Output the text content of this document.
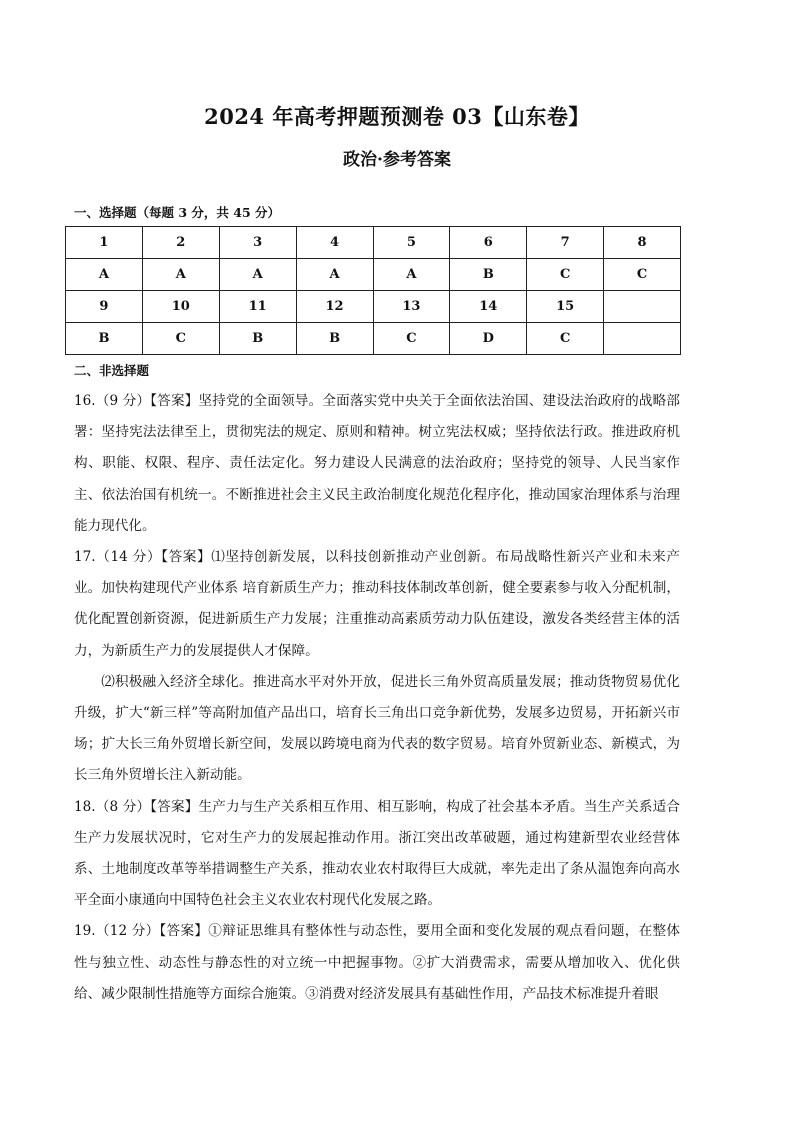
2024 年高考押题预测卷 03【山东卷】
政治·参考答案
一、选择题（每题 3 分，共 45 分）
1	2	3	4	5	6	7	8
A	A	A	A	A	B	C	C
9	10	11	12	13	14	15	
B	C	B	B	C	D	C	
二、非选择题

16.（9 分）【答案】坚持党的全面领导。全面落实党中央关于全面依法治国、建设法治政府的战略部署：坚持宪法法律至上，贯彻宪法的规定、原则和精神。树立宪法权威；坚持依法行政。推进政府机构、职能、权限、程序、责任法定化。努力建设人民满意的法治政府；坚持党的领导、人民当家作主、依法治国有机统一。不断推进社会主义民主政治制度化规范化程序化，推动国家治理体系与治理能力现代化。

17.（14 分）【答案】⑴坚持创新发展，以科技创新推动产业创新。布局战略性新兴产业和未来产业。加快构建现代产业体系 培育新质生产力；推动科技体制改革创新，健全要素参与收入分配机制，优化配置创新资源，促进新质生产力发展；注重推动高素质劳动力队伍建设，激发各类经营主体的活力，为新质生产力的发展提供人才保障。

⑵积极融入经济全球化。推进高水平对外开放，促进长三角外贸高质量发展；推动货物贸易优化升级，扩大“新三样”等高附加值产品出口，培育长三角出口竞争新优势，发展多边贸易，开拓新兴市场；扩大长三角外贸增长新空间，发展以跨境电商为代表的数字贸易。培育外贸新业态、新模式，为长三角外贸增长注入新动能。

18.（8 分）【答案】生产力与生产关系相互作用、相互影响，构成了社会基本矛盾。当生产关系适合生产力发展状况时，它对生产力的发展起推动作用。浙江突出改革破题，通过构建新型农业经营体系、土地制度改革等举措调整生产关系，推动农业农村取得巨大成就，率先走出了条从温饱奔向高水平全面小康通向中国特色社会主义农业农村现代化发展之路。

19.（12 分）【答案】①辩证思维具有整体性与动态性，要用全面和变化发展的观点看问题，在整体性与独立性、动态性与静态性的对立统一中把握事物。②扩大消费需求，需要从增加收入、优化供给、减少限制性措施等方面综合施策。③消费对经济发展具有基础性作用，产品技术标准提升着眼
